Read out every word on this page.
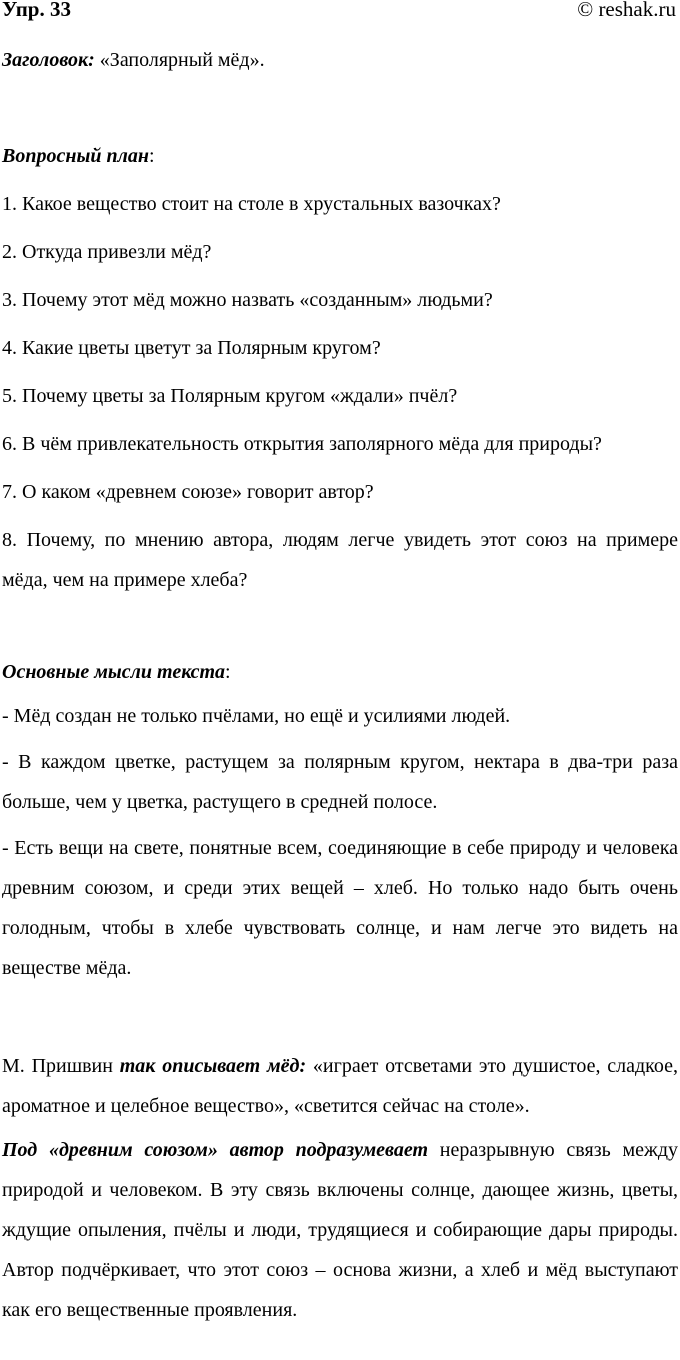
Упр. 33	© reshak.ru
Заголовок: «Заполярный мёд».

Вопросный план:

1. Какое вещество стоит на столе в хрустальных вазочках?

2. Откуда привезли мёд?

3. Почему этот мёд можно назвать «созданным» людьми?

4. Какие цветы цветут за Полярным кругом?

5. Почему цветы за Полярным кругом «ждали» пчёл?

6. В чём привлекательность открытия заполярного мёда для природы?

7. О каком «древнем союзе» говорит автор?

8. Почему, по мнению автора, людям легче увидеть этот союз на примере мёда, чем на примере хлеба?

Основные мысли текста:

- Мёд создан не только пчёлами, но ещё и усилиями людей.

- В каждом цветке, растущем за полярным кругом, нектара в два-три раза больше, чем у цветка, растущего в средней полосе.

- Есть вещи на свете, понятные всем, соединяющие в себе природу и человека древним союзом, и среди этих вещей – хлеб. Но только надо быть очень голодным, чтобы в хлебе чувствовать солнце, и нам легче это видеть на веществе мёда.

М. Пришвин так описывает мёд: «играет отсветами это душистое, сладкое, ароматное и целебное вещество», «светится сейчас на столе».

Под «древним союзом» автор подразумевает неразрывную связь между природой и человеком. В эту связь включены солнце, дающее жизнь, цветы, ждущие опыления, пчёлы и люди, трудящиеся и собирающие дары природы. Автор подчёркивает, что этот союз – основа жизни, а хлеб и мёд выступают как его вещественные проявления.
